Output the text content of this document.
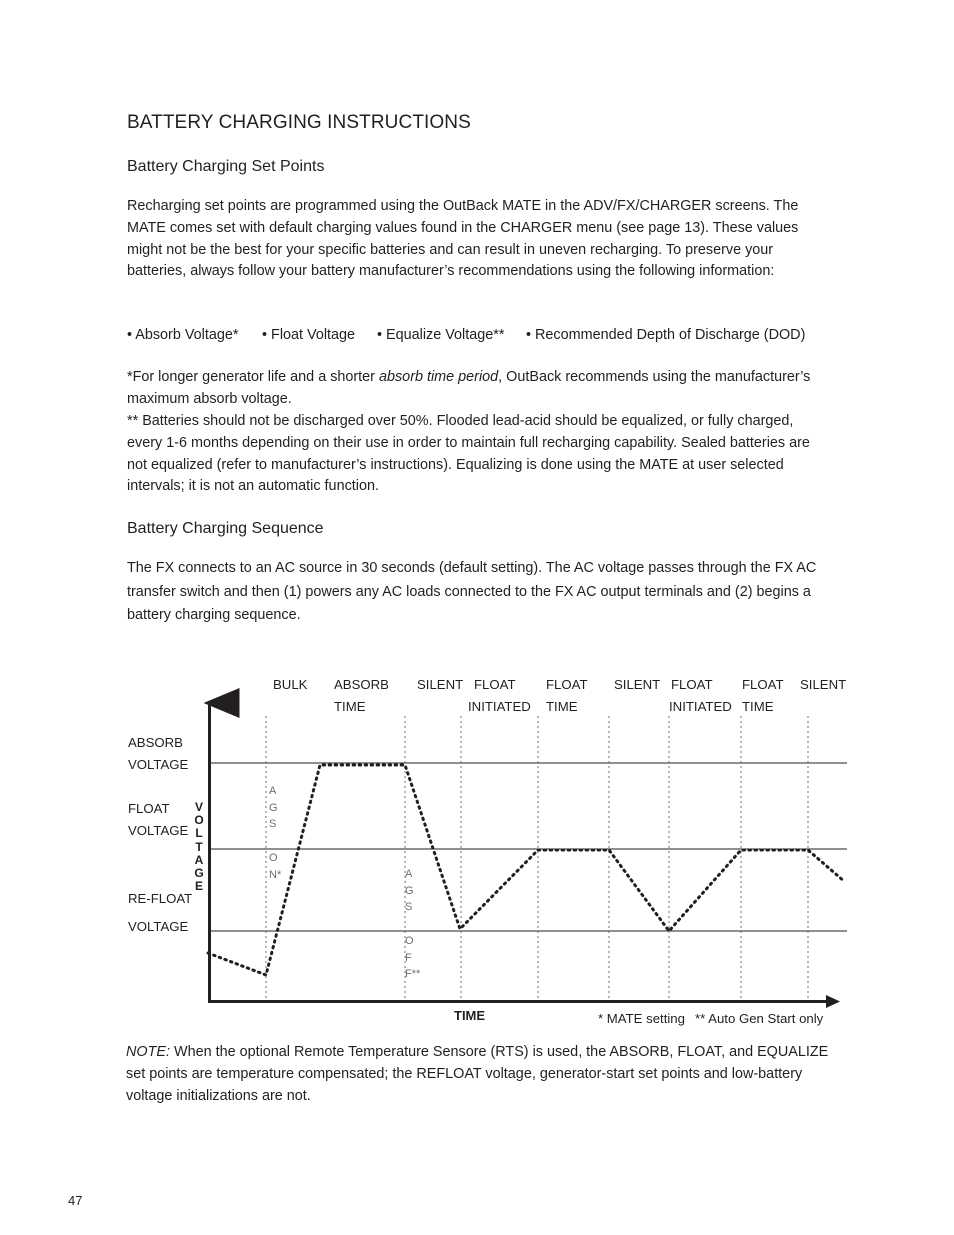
BATTERY CHARGING INSTRUCTIONS
Battery Charging Set Points

Recharging set points are programmed using the OutBack MATE in the ADV/FX/CHARGER screens. The MATE comes set with default charging values found in the CHARGER menu (see page 13). These values might not be the best for your specific batteries and can result in uneven recharging. To preserve your batteries, always follow your battery manufacturer’s recommendations using the following information:

• Absorb Voltage* • Float Voltage • Equalize Voltage** • Recommended Depth of Discharge (DOD)

*For longer generator life and a shorter absorb time period, OutBack recommends using the manufacturer’s maximum absorb voltage.

** Batteries should not be discharged over 50%. Flooded lead-acid should be equalized, or fully charged, every 1-6 months depending on their use in order to maintain full recharging capability. Sealed batteries are not equalized (refer to manufacturer’s instructions). Equalizing is done using the MATE at user selected intervals; it is not an automatic function.

Battery Charging Sequence

The FX connects to an AC source in 30 seconds (default setting). The AC voltage passes through the FX AC transfer switch and then (1) powers any AC loads connected to the FX AC output terminals and (2) begins a battery charging sequence.

BULK ABSORB
TIME
SILENT FLOAT
INITIATED
FLOAT
TIME
SILENT FLOAT
INITIATED
FLOAT
TIME
SILENT
ABSORB
VOLTAGE
FLOAT
VOLTAGE
RE-FLOAT
VOLTAGE
V
O
L
T
A
G
E
A
G
S

O
N*	A
G
S

O
F
F**
TIME	* MATE setting ** Auto Gen Start only

NOTE: When the optional Remote Temperature Sensore (RTS) is used, the ABSORB, FLOAT, and EQUALIZE set points are temperature compensated; the REFLOAT voltage, generator-start set points and low-battery voltage initializations are not.

47
